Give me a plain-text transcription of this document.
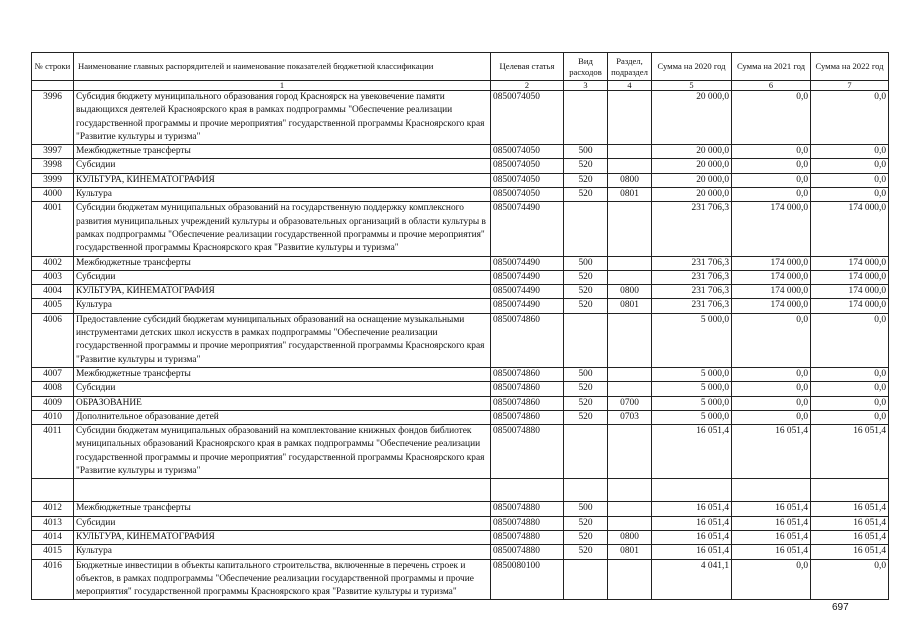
№ строки	Наименование главных распорядителей и наименование показателей бюджетной классификации	Целевая статья	Вид расходов	Раздел, подраздел	Сумма на 2020 год	Сумма на 2021 год	Сумма на 2022 год
	1	2	3	4	5	6	7
3996	Субсидия бюджету муниципального образования город Красноярск на увековечение памяти выдающихся деятелей Красноярского края в рамках подпрограммы "Обеспечение реализации государственной программы и прочие мероприятия" государственной программы Красноярского края "Развитие культуры и туризма"	0850074050			20 000,0	0,0	0,0
3997	Межбюджетные трансферты	0850074050	500		20 000,0	0,0	0,0
3998	Субсидии	0850074050	520		20 000,0	0,0	0,0
3999	КУЛЬТУРА, КИНЕМАТОГРАФИЯ	0850074050	520	0800	20 000,0	0,0	0,0
4000	Культура	0850074050	520	0801	20 000,0	0,0	0,0
4001	Субсидии бюджетам муниципальных образований на государственную поддержку комплексного развития муниципальных учреждений культуры и образовательных организаций в области культуры в рамках подпрограммы "Обеспечение реализации государственной программы и прочие мероприятия" государственной программы Красноярского края "Развитие культуры и туризма"	0850074490			231 706,3	174 000,0	174 000,0
4002	Межбюджетные трансферты	0850074490	500		231 706,3	174 000,0	174 000,0
4003	Субсидии	0850074490	520		231 706,3	174 000,0	174 000,0
4004	КУЛЬТУРА, КИНЕМАТОГРАФИЯ	0850074490	520	0800	231 706,3	174 000,0	174 000,0
4005	Культура	0850074490	520	0801	231 706,3	174 000,0	174 000,0
4006	Предоставление субсидий бюджетам муниципальных образований на оснащение музыкальными инструментами детских школ искусств в рамках подпрограммы "Обеспечение реализации государственной программы и прочие мероприятия" государственной программы Красноярского края "Развитие культуры и туризма"	0850074860			5 000,0	0,0	0,0
4007	Межбюджетные трансферты	0850074860	500		5 000,0	0,0	0,0
4008	Субсидии	0850074860	520		5 000,0	0,0	0,0
4009	ОБРАЗОВАНИЕ	0850074860	520	0700	5 000,0	0,0	0,0
4010	Дополнительное образование детей	0850074860	520	0703	5 000,0	0,0	0,0
4011	Субсидии бюджетам муниципальных образований на комплектование книжных фондов библиотек муниципальных образований Красноярского края в рамках подпрограммы "Обеспечение реализации государственной программы и прочие мероприятия" государственной программы Красноярского края "Развитие культуры и туризма"	0850074880			16 051,4	16 051,4	16 051,4

4012	Межбюджетные трансферты	0850074880	500		16 051,4	16 051,4	16 051,4
4013	Субсидии	0850074880	520		16 051,4	16 051,4	16 051,4
4014	КУЛЬТУРА, КИНЕМАТОГРАФИЯ	0850074880	520	0800	16 051,4	16 051,4	16 051,4
4015	Культура	0850074880	520	0801	16 051,4	16 051,4	16 051,4
4016	Бюджетные инвестиции в объекты капитального строительства, включенные в перечень строек и объектов, в рамках подпрограммы "Обеспечение реализации государственной программы и прочие мероприятия" государственной программы Красноярского края "Развитие культуры и туризма"	0850080100			4 041,1	0,0	0,0
697
